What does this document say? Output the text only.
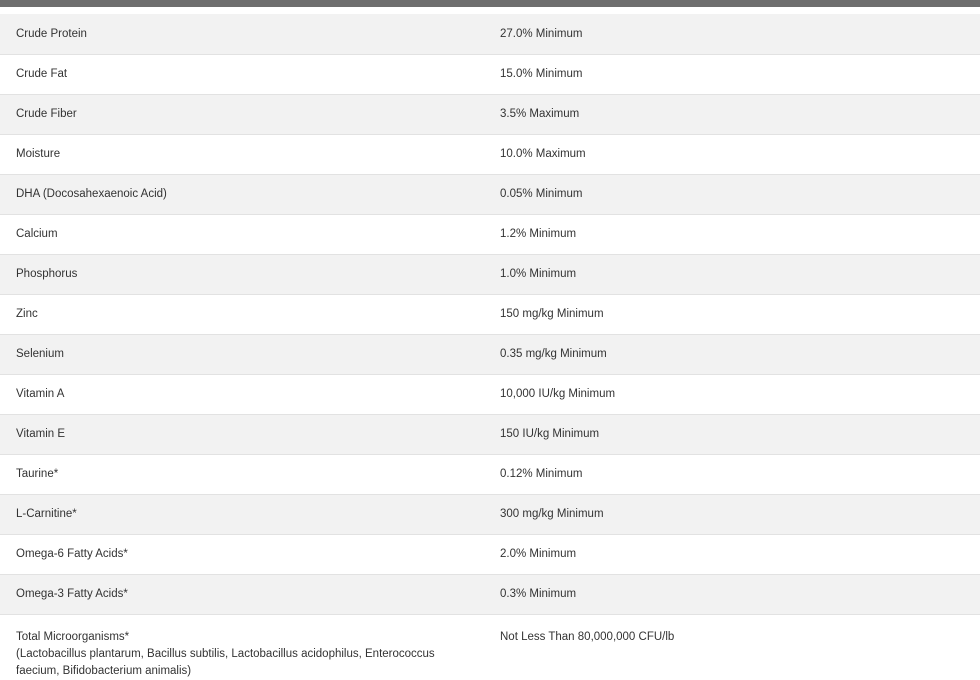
Crude Protein	27.0% Minimum
Crude Fat	15.0% Minimum
Crude Fiber	3.5% Maximum
Moisture	10.0% Maximum
DHA (Docosahexaenoic Acid)	0.05% Minimum
Calcium	1.2% Minimum
Phosphorus	1.0% Minimum
Zinc	150 mg/kg Minimum
Selenium	0.35 mg/kg Minimum
Vitamin A	10,000 IU/kg Minimum
Vitamin E	150 IU/kg Minimum
Taurine*	0.12% Minimum
L-Carnitine*	300 mg/kg Minimum
Omega-6 Fatty Acids*	2.0% Minimum
Omega-3 Fatty Acids*	0.3% Minimum

Total Microorganisms*
(Lactobacillus plantarum, Bacillus subtilis, Lactobacillus acidophilus, Enterococcus faecium, Bifidobacterium animalis)	Not Less Than 80,000,000 CFU/lb
